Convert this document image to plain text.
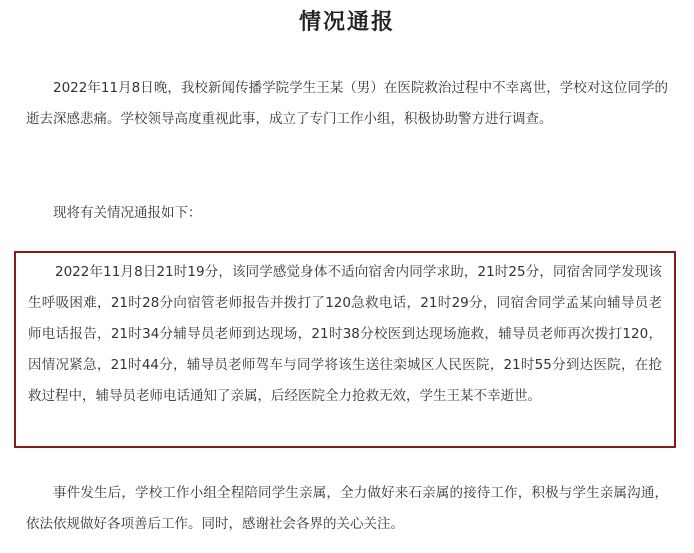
情况通报

2022年11月8日晚，我校新闻传播学院学生王某（男）在医院救治过程中不幸离世，学校对这位同学的逝去深感悲痛。学校领导高度重视此事，成立了专门工作小组，积极协助警方进行调查。

现将有关情况通报如下：

2022年11月8日21时19分，该同学感觉身体不适向宿舍内同学求助，21时25分，同宿舍同学发现该生呼吸困难，21时28分向宿管老师报告并拨打了120急救电话，21时29分，同宿舍同学孟某向辅导员老师电话报告，21时34分辅导员老师到达现场，21时38分校医到达现场施救，辅导员老师再次拨打120，因情况紧急，21时44分，辅导员老师驾车与同学将该生送往栾城区人民医院，21时55分到达医院，在抢救过程中，辅导员老师电话通知了亲属，后经医院全力抢救无效，学生王某不幸逝世。

事件发生后，学校工作小组全程陪同学生亲属，全力做好来石亲属的接待工作，积极与学生亲属沟通，依法依规做好各项善后工作。同时，感谢社会各界的关心关注。
